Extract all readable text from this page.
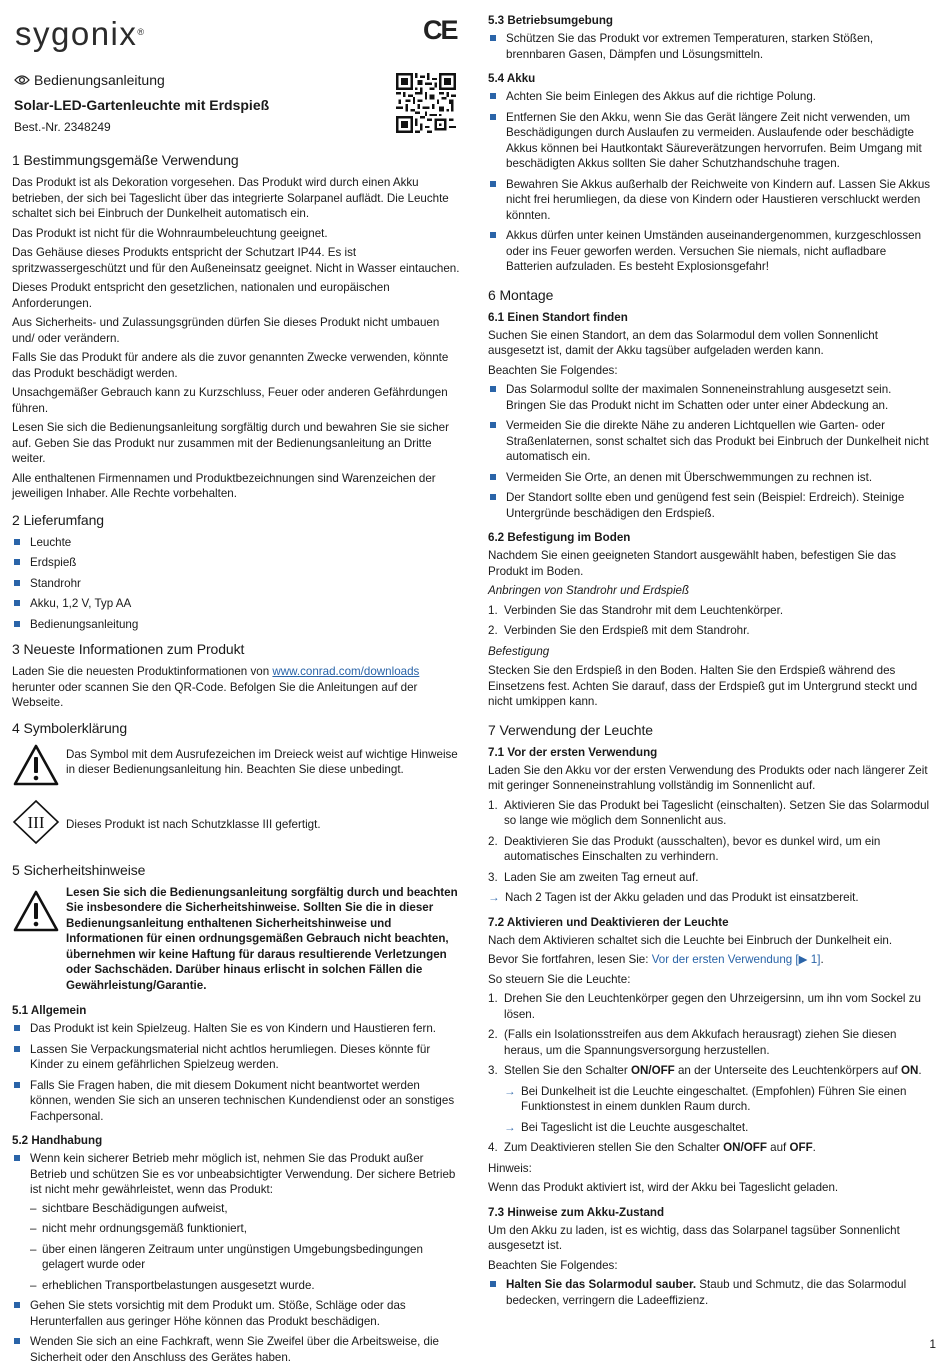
sygonix®	CE
Bedienungsanleitung
Solar-LED-Gartenleuchte mit Erdspieß
Best.-Nr. 2348249
1 Bestimmungsgemäße Verwendung

Das Produkt ist als Dekoration vorgesehen. Das Produkt wird durch einen Akku betrieben, der sich bei Tageslicht über das integrierte Solarpanel auflädt. Die Leuchte schaltet sich bei Einbruch der Dunkelheit automatisch ein.

Das Produkt ist nicht für die Wohnraumbeleuchtung geeignet.

Das Gehäuse dieses Produkts entspricht der Schutzart IP44. Es ist spritzwassergeschützt und für den Außeneinsatz geeignet. Nicht in Wasser eintauchen.

Dieses Produkt entspricht den gesetzlichen, nationalen und europäischen Anforderungen.

Aus Sicherheits- und Zulassungsgründen dürfen Sie dieses Produkt nicht umbauen und/ oder verändern.

Falls Sie das Produkt für andere als die zuvor genannten Zwecke verwenden, könnte das Produkt beschädigt werden.

Unsachgemäßer Gebrauch kann zu Kurzschluss, Feuer oder anderen Gefährdungen führen.

Lesen Sie sich die Bedienungsanleitung sorgfältig durch und bewahren Sie sie sicher auf. Geben Sie das Produkt nur zusammen mit der Bedienungsanleitung an Dritte weiter.

Alle enthaltenen Firmennamen und Produktbezeichnungen sind Warenzeichen der jeweiligen Inhaber. Alle Rechte vorbehalten.

2 Lieferumfang
Leuchte
Erdspieß
Standrohr
Akku, 1,2 V, Typ AA
Bedienungsanleitung
3 Neueste Informationen zum Produkt

Laden Sie die neuesten Produktinformationen von www.conrad.com/downloads herunter oder scannen Sie den QR-Code. Befolgen Sie die Anleitungen auf der Webseite.

4 Symbolerklärung
Das Symbol mit dem Ausrufezeichen im Dreieck weist auf wichtige Hinweise in dieser Bedienungsanleitung hin. Beachten Sie diese unbedingt.
III	Dieses Produkt ist nach Schutzklasse III gefertigt.
5 Sicherheitshinweise
Lesen Sie sich die Bedienungsanleitung sorgfältig durch und beachten Sie insbesondere die Sicherheitshinweise. Sollten Sie die in dieser Bedienungsanleitung enthaltenen Sicherheitshinweise und Informationen für einen ordnungsgemäßen Gebrauch nicht beachten, übernehmen wir keine Haftung für daraus resultierende Verletzungen oder Sachschäden. Darüber hinaus erlischt in solchen Fällen die Gewährleistung/Garantie.
5.1 Allgemein
Das Produkt ist kein Spielzeug. Halten Sie es von Kindern und Haustieren fern.
Lassen Sie Verpackungsmaterial nicht achtlos herumliegen. Dieses könnte für Kinder zu einem gefährlichen Spielzeug werden.
Falls Sie Fragen haben, die mit diesem Dokument nicht beantwortet werden können, wenden Sie sich an unseren technischen Kundendienst oder an sonstiges Fachpersonal.
5.2 Handhabung
Wenn kein sicherer Betrieb mehr möglich ist, nehmen Sie das Produkt außer Betrieb und schützen Sie es vor unbeabsichtigter Verwendung. Der sichere Betrieb ist nicht mehr gewährleistet, wenn das Produkt:
– sichtbare Beschädigungen aufweist,
– nicht mehr ordnungsgemäß funktioniert,
– über einen längeren Zeitraum unter ungünstigen Umgebungsbedingungen gelagert wurde oder
– erheblichen Transportbelastungen ausgesetzt wurde.
Gehen Sie stets vorsichtig mit dem Produkt um. Stöße, Schläge oder das Herunterfallen aus geringer Höhe können das Produkt beschädigen.
Wenden Sie sich an eine Fachkraft, wenn Sie Zweifel über die Arbeitsweise, die Sicherheit oder den Anschluss des Gerätes haben.
5.3 Betriebsumgebung
Schützen Sie das Produkt vor extremen Temperaturen, starken Stößen, brennbaren Gasen, Dämpfen und Lösungsmitteln.
5.4 Akku
Achten Sie beim Einlegen des Akkus auf die richtige Polung.
Entfernen Sie den Akku, wenn Sie das Gerät längere Zeit nicht verwenden, um Beschädigungen durch Auslaufen zu vermeiden. Auslaufende oder beschädigte Akkus können bei Hautkontakt Säureverätzungen hervorrufen. Beim Umgang mit beschädigten Akkus sollten Sie daher Schutzhandschuhe tragen.
Bewahren Sie Akkus außerhalb der Reichweite von Kindern auf. Lassen Sie Akkus nicht frei herumliegen, da diese von Kindern oder Haustieren verschluckt werden könnten.
Akkus dürfen unter keinen Umständen auseinandergenommen, kurzgeschlossen oder ins Feuer geworfen werden. Versuchen Sie niemals, nicht aufladbare Batterien aufzuladen. Es besteht Explosionsgefahr!
6 Montage
6.1 Einen Standort finden

Suchen Sie einen Standort, an dem das Solarmodul dem vollen Sonnenlicht ausgesetzt ist, damit der Akku tagsüber aufgeladen werden kann.

Beachten Sie Folgendes:

Das Solarmodul sollte der maximalen Sonneneinstrahlung ausgesetzt sein. Bringen Sie das Produkt nicht im Schatten oder unter einer Abdeckung an.
Vermeiden Sie die direkte Nähe zu anderen Lichtquellen wie Garten- oder Straßenlaternen, sonst schaltet sich das Produkt bei Einbruch der Dunkelheit nicht automatisch ein.
Vermeiden Sie Orte, an denen mit Überschwemmungen zu rechnen ist.
Der Standort sollte eben und genügend fest sein (Beispiel: Erdreich). Steinige Untergründe beschädigen den Erdspieß.
6.2 Befestigung im Boden

Nachdem Sie einen geeigneten Standort ausgewählt haben, befestigen Sie das Produkt im Boden.

Anbringen von Standrohr und Erdspieß

1. Verbinden Sie das Standrohr mit dem Leuchtenkörper.
2. Verbinden Sie den Erdspieß mit dem Standrohr.

Befestigung

Stecken Sie den Erdspieß in den Boden. Halten Sie den Erdspieß während des Einsetzens fest. Achten Sie darauf, dass der Erdspieß gut im Untergrund steckt und nicht umkippen kann.

7 Verwendung der Leuchte
7.1 Vor der ersten Verwendung

Laden Sie den Akku vor der ersten Verwendung des Produkts oder nach längerer Zeit mit geringer Sonneneinstrahlung vollständig im Sonnenlicht auf.

1. Aktivieren Sie das Produkt bei Tageslicht (einschalten). Setzen Sie das Solarmodul so lange wie möglich dem Sonnenlicht aus.
2. Deaktivieren Sie das Produkt (ausschalten), bevor es dunkel wird, um ein automatisches Einschalten zu verhindern.
3. Laden Sie am zweiten Tag erneut auf.
→ Nach 2 Tagen ist der Akku geladen und das Produkt ist einsatzbereit.
7.2 Aktivieren und Deaktivieren der Leuchte

Nach dem Aktivieren schaltet sich die Leuchte bei Einbruch der Dunkelheit ein.

Bevor Sie fortfahren, lesen Sie: Vor der ersten Verwendung [▶ 1].

So steuern Sie die Leuchte:

1. Drehen Sie den Leuchtenkörper gegen den Uhrzeigersinn, um ihn vom Sockel zu lösen.
2. (Falls ein Isolationsstreifen aus dem Akkufach herausragt) ziehen Sie diesen heraus, um die Spannungsversorgung herzustellen.
3. Stellen Sie den Schalter ON/OFF an der Unterseite des Leuchtenkörpers auf ON.
→ Bei Dunkelheit ist die Leuchte eingeschaltet. (Empfohlen) Führen Sie einen Funktionstest in einem dunklen Raum durch.
→ Bei Tageslicht ist die Leuchte ausgeschaltet.
4. Zum Deaktivieren stellen Sie den Schalter ON/OFF auf OFF.

Hinweis:

Wenn das Produkt aktiviert ist, wird der Akku bei Tageslicht geladen.

7.3 Hinweise zum Akku-Zustand

Um den Akku zu laden, ist es wichtig, dass das Solarpanel tagsüber Sonnenlicht ausgesetzt ist.

Beachten Sie Folgendes:

Halten Sie das Solarmodul sauber. Staub und Schmutz, die das Solarmodul bedecken, verringern die Ladeeffizienz.
1
